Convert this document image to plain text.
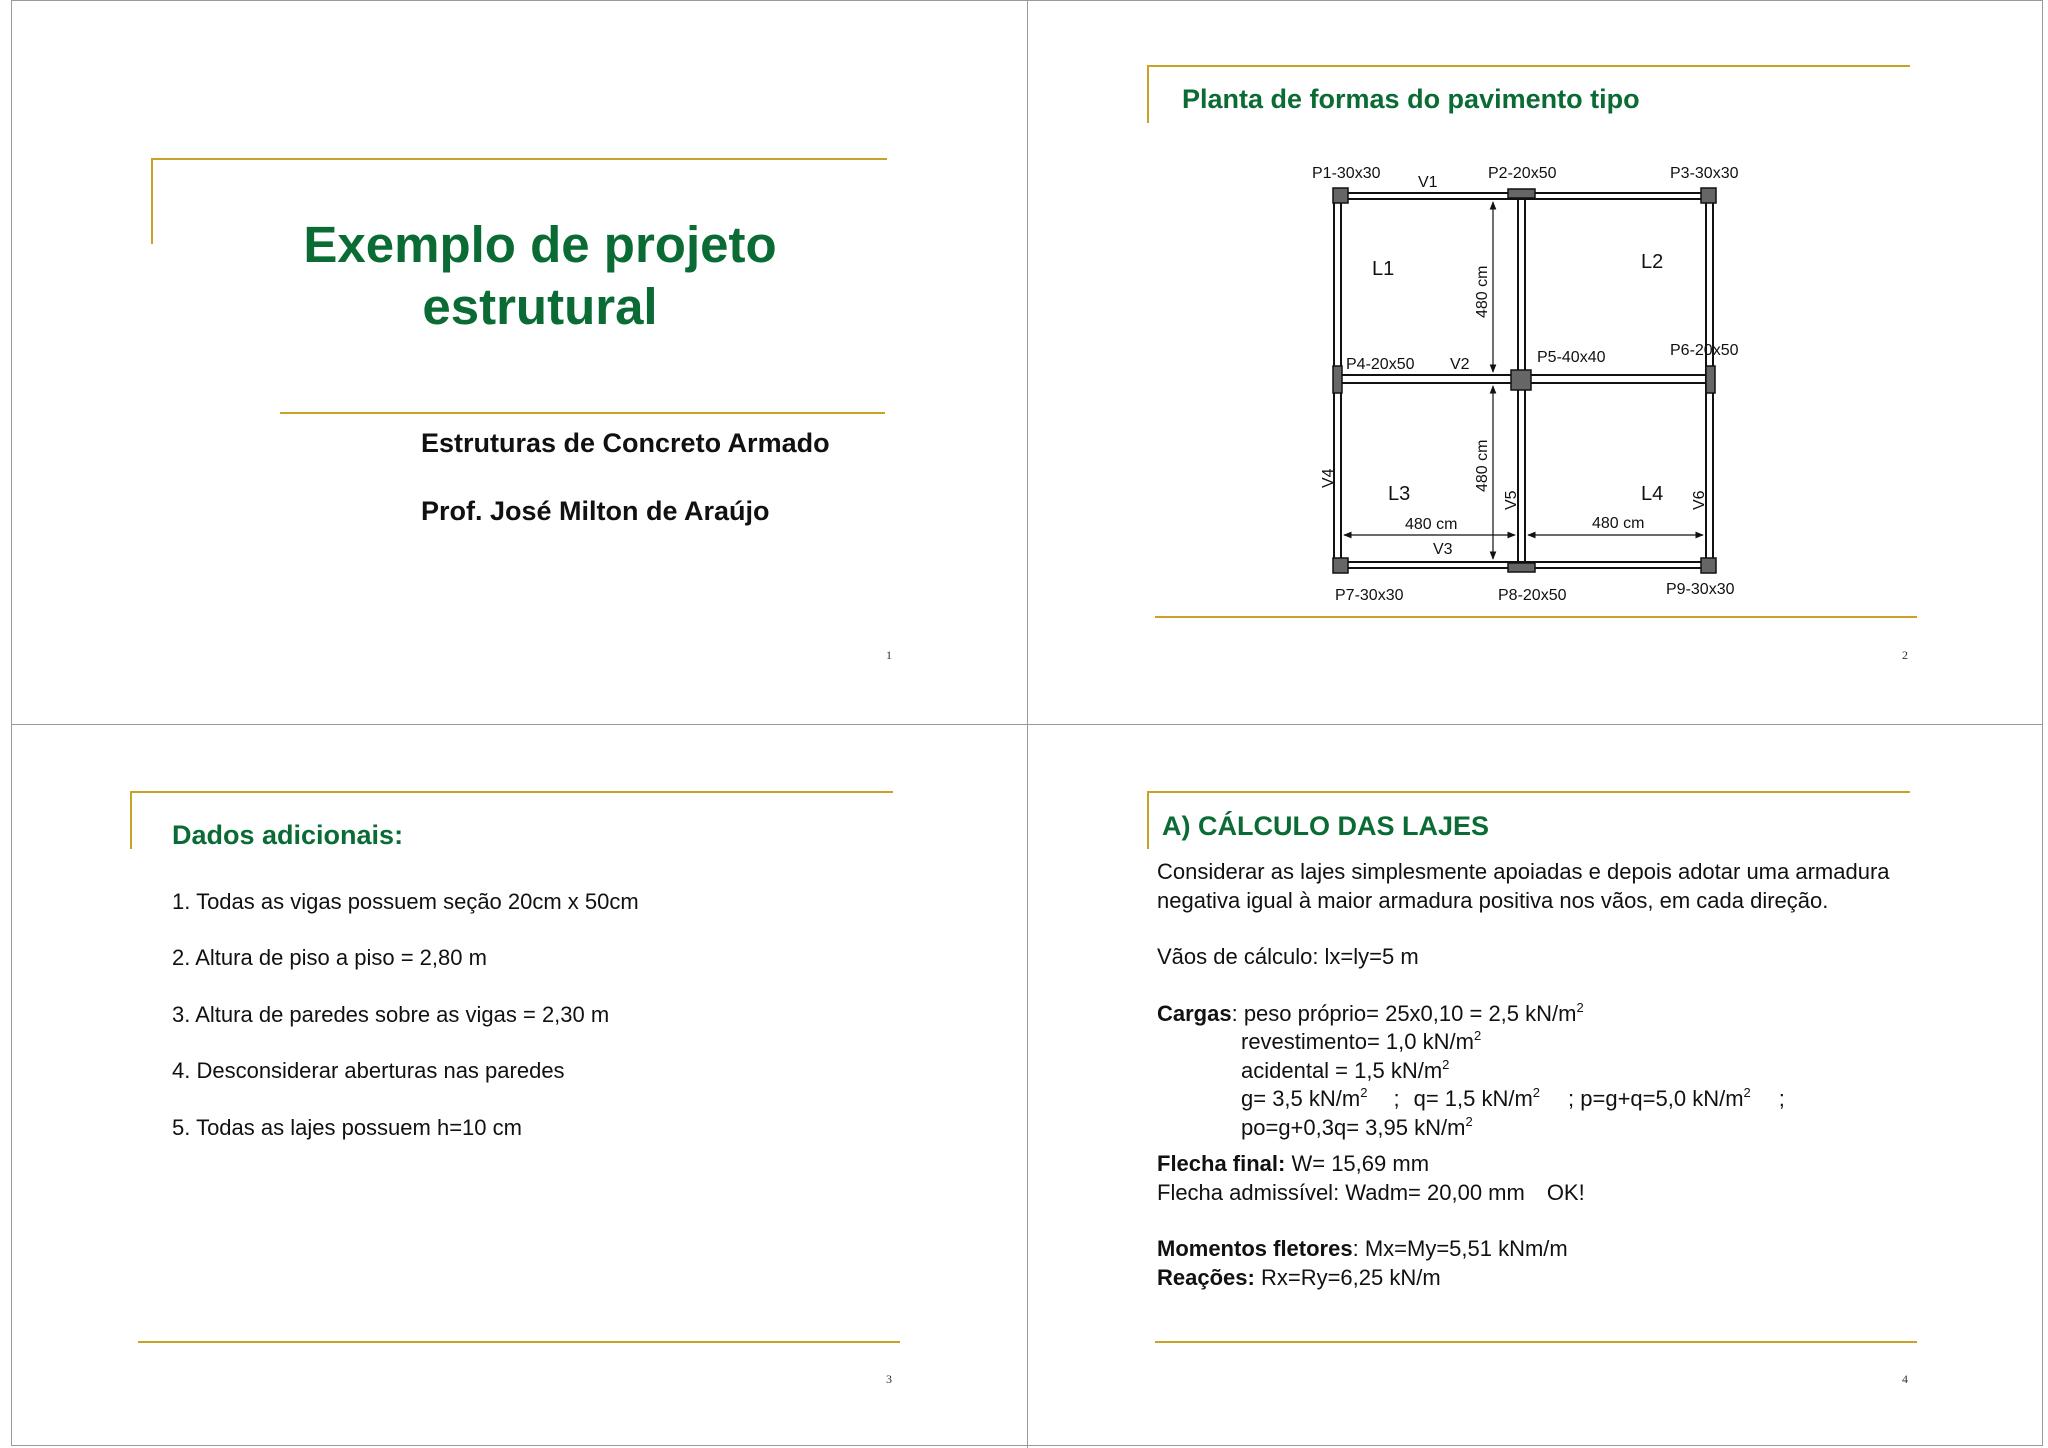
Exemplo de projeto
estrutural
Estruturas de Concreto Armado
Prof. José Milton de Araújo
1
Planta de formas do pavimento tipo
P1-30x30	P2-20x50	P3-30x30
P4-20x50	P5-40x40	P6-20x50
P7-30x30	P8-20x50	P9-30x30
V1
V2
V3
V4
V5	V6
L1	L2
L3	L4
480 cm
480 cm
480 cm	480 cm
2
Dados adicionais:
1. Todas as vigas possuem seção 20cm x 50cm
2. Altura de piso a piso = 2,80 m
3. Altura de paredes sobre as vigas = 2,30 m
4. Desconsiderar aberturas nas paredes
5. Todas as lajes possuem h=10 cm
3
A) CÁLCULO DAS LAJES

Considerar as lajes simplesmente apoiadas e depois adotar uma armadura negativa igual à maior armadura positiva nos vãos, em cada direção.

Vãos de cálculo: lx=ly=5 m

Cargas: peso próprio= 25x0,10 = 2,5 $kN/m^2$

revestimento= 1,0 $kN/m^2$

acidental = 1,5 $kN/m^2$

g= 3,5 $kN/m^2$ ; q= 1,5 $kN/m^2$ ; p=g+q=5,0 $kN/m^2$ ;

po=g+0,3q= 3,95 $kN/m^2$

Flecha final: W= 15,69 mm

Flecha admissível: Wadm= 20,00 mm OK!

Momentos fletores: Mx=My=5,51 kNm/m

Reações: Rx=Ry=6,25 kN/m

4
